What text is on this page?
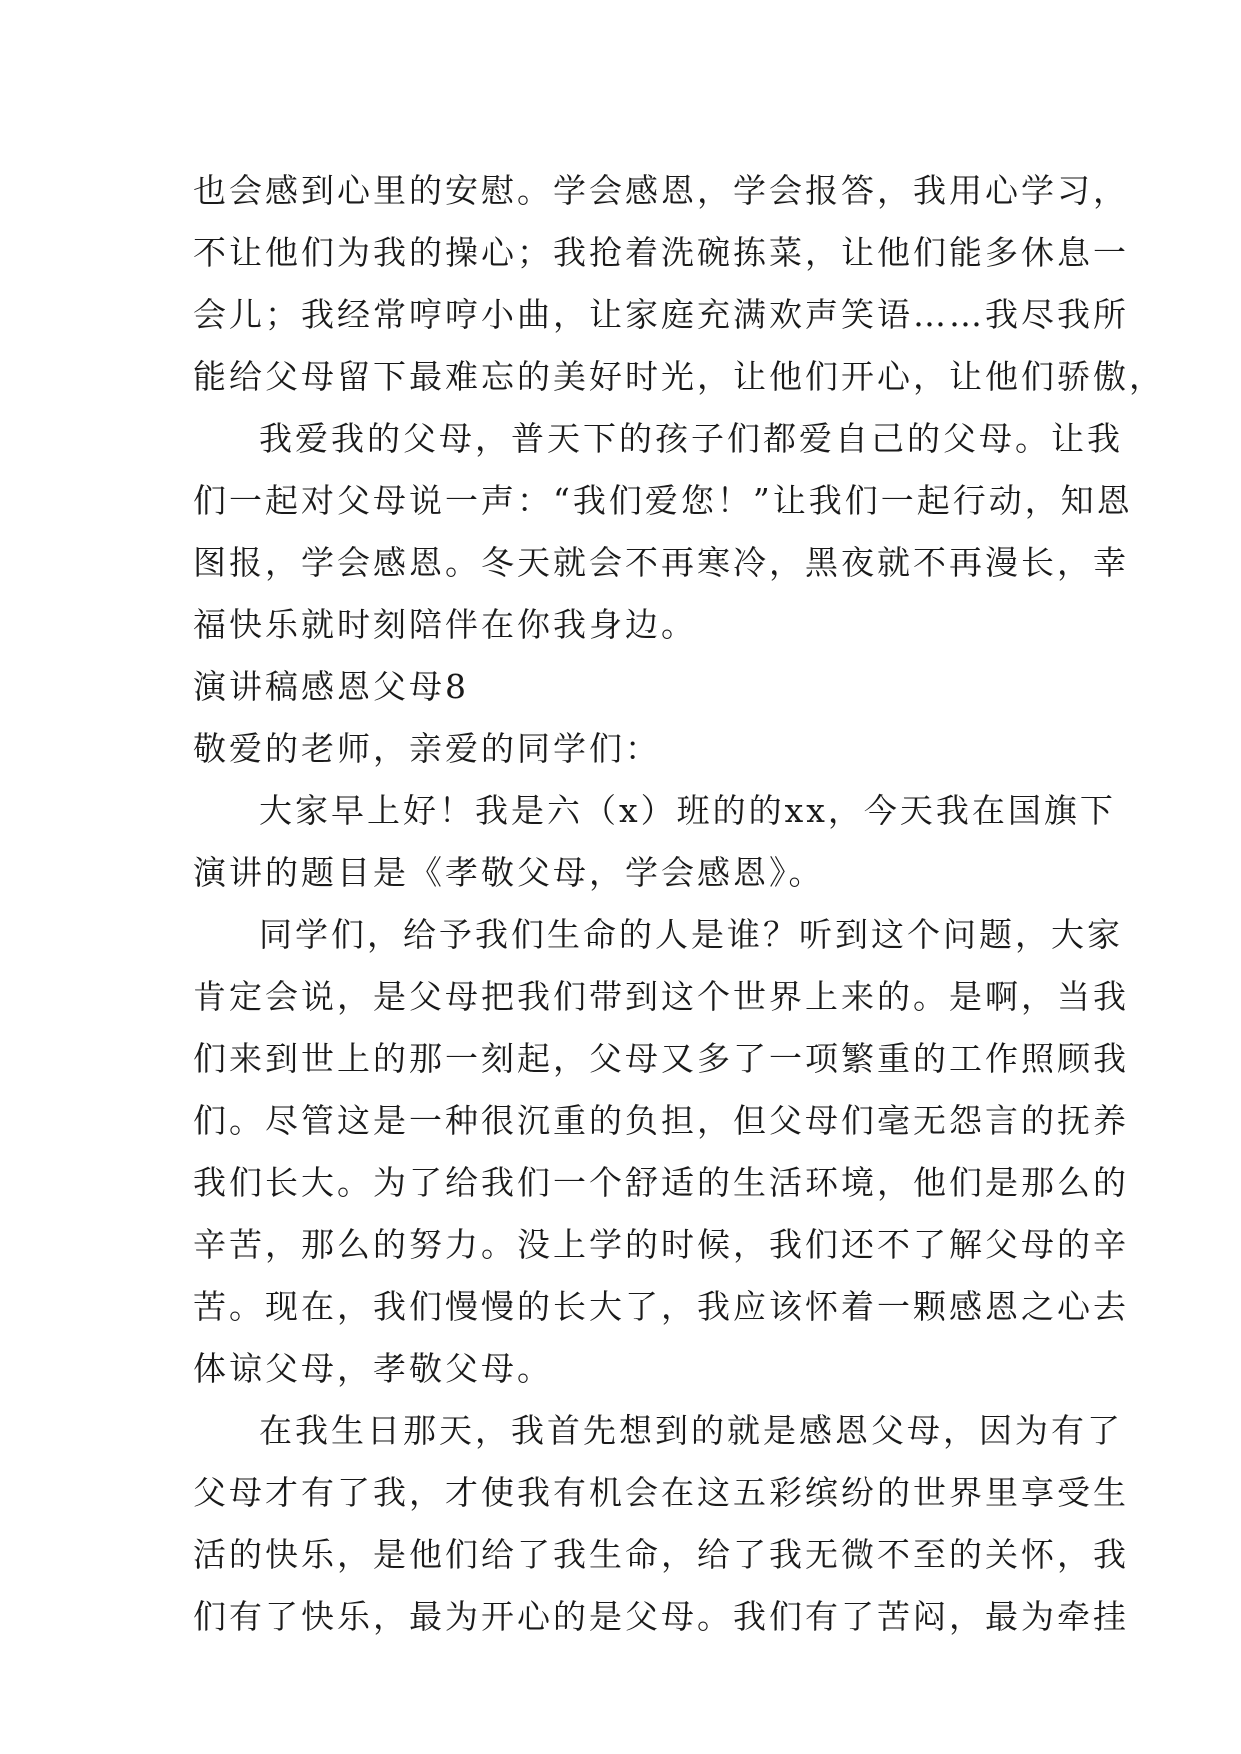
也会感到心里的安慰。学会感恩，学会报答，我用心学习，
不让他们为我的操心；我抢着洗碗拣菜，让他们能多休息一
会儿；我经常哼哼小曲，让家庭充满欢声笑语……我尽我所
能给父母留下最难忘的美好时光，让他们开心，让他们骄傲，
我爱我的父母，普天下的孩子们都爱自己的父母。让我
们一起对父母说一声：“我们爱您！”让我们一起行动，知恩
图报，学会感恩。冬天就会不再寒冷，黑夜就不再漫长，幸
福快乐就时刻陪伴在你我身边。
演讲稿感恩父母8
敬爱的老师，亲爱的同学们：
大家早上好！我是六（x）班的的xx，今天我在国旗下
演讲的题目是《孝敬父母，学会感恩》。
同学们，给予我们生命的人是谁？听到这个问题，大家
肯定会说，是父母把我们带到这个世界上来的。是啊，当我
们来到世上的那一刻起，父母又多了一项繁重的工作照顾我
们。尽管这是一种很沉重的负担，但父母们毫无怨言的抚养
我们长大。为了给我们一个舒适的生活环境，他们是那么的
辛苦，那么的努力。没上学的时候，我们还不了解父母的辛
苦。现在，我们慢慢的长大了，我应该怀着一颗感恩之心去
体谅父母，孝敬父母。
在我生日那天，我首先想到的就是感恩父母，因为有了
父母才有了我，才使我有机会在这五彩缤纷的世界里享受生
活的快乐，是他们给了我生命，给了我无微不至的关怀，我
们有了快乐，最为开心的是父母。我们有了苦闷，最为牵挂
